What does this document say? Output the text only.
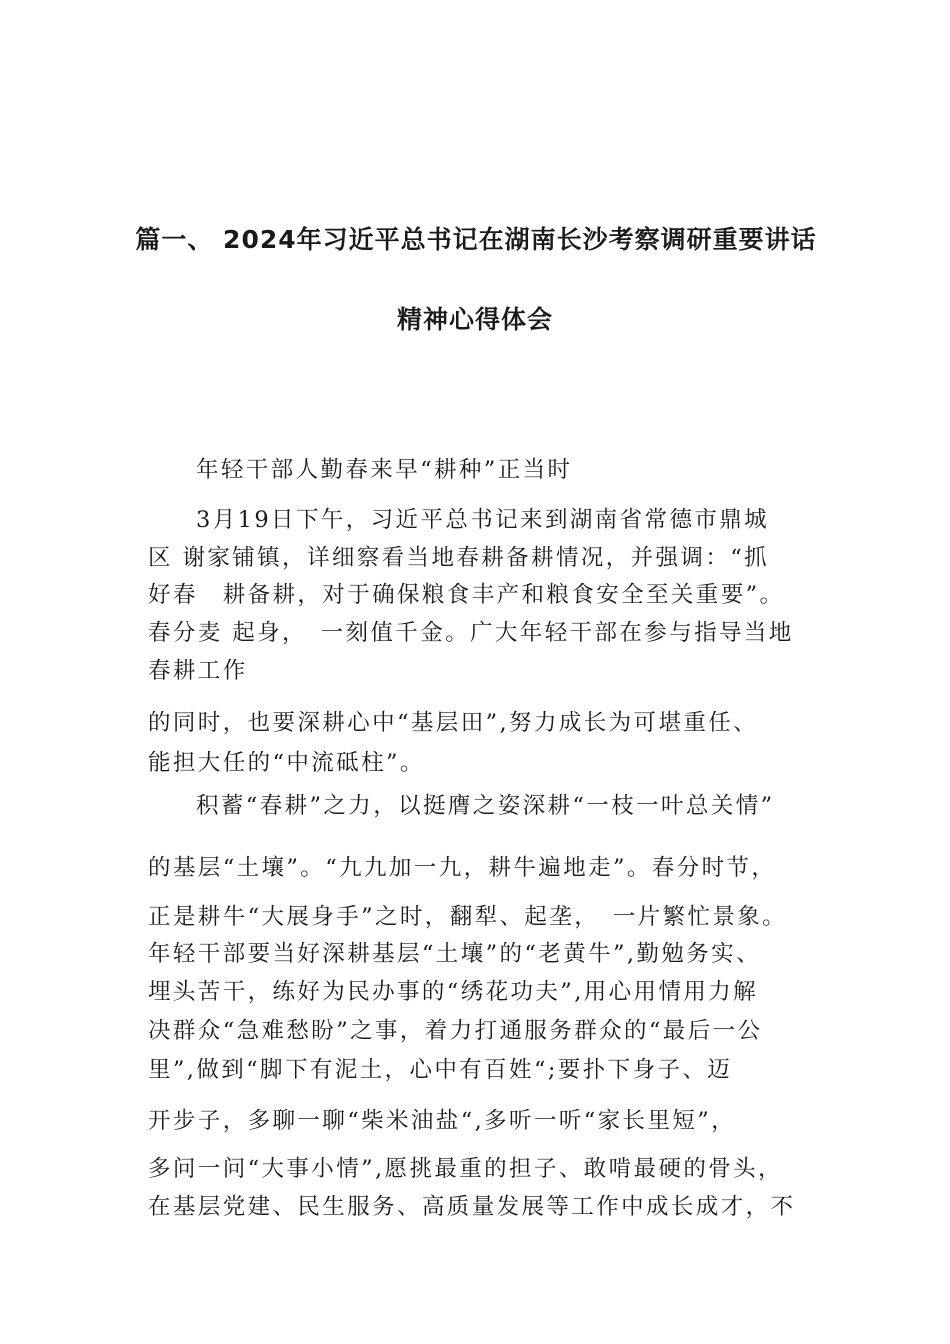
篇一、 2024年习近平总书记在湖南长沙考察调研重要讲话
精神心得体会
年轻干部人勤春来早“耕种”正当时
3月19日下午，习近平总书记来到湖南省常德市鼎城
区 谢家铺镇，详细察看当地春耕备耕情况，并强调：“抓
好春　耕备耕，对于确保粮食丰产和粮食安全至关重要”。
春分麦 起身，　一刻值千金。广大年轻干部在参与指导当地
春耕工作
的同时，也要深耕心中“基层田”,努力成长为可堪重任、
能担大任的“中流砥柱”。
积蓄“春耕”之力，以挺膺之姿深耕“一枝一叶总关情”
的基层“土壤”。“九九加一九，耕牛遍地走”。春分时节，
正是耕牛“大展身手”之时，翻犁、起垄，　一片繁忙景象。
年轻干部要当好深耕基层“土壤”的“老黄牛”,勤勉务实、
埋头苦干，练好为民办事的“绣花功夫”,用心用情用力解
决群众“急难愁盼”之事，着力打通服务群众的“最后一公
里”,做到“脚下有泥土，心中有百姓“;要扑下身子、迈
开步子，多聊一聊“柴米油盐“,多听一听“家长里短”，
多问一问“大事小情”,愿挑最重的担子、敢啃最硬的骨头，
在基层党建、民生服务、高质量发展等工作中成长成才，不
